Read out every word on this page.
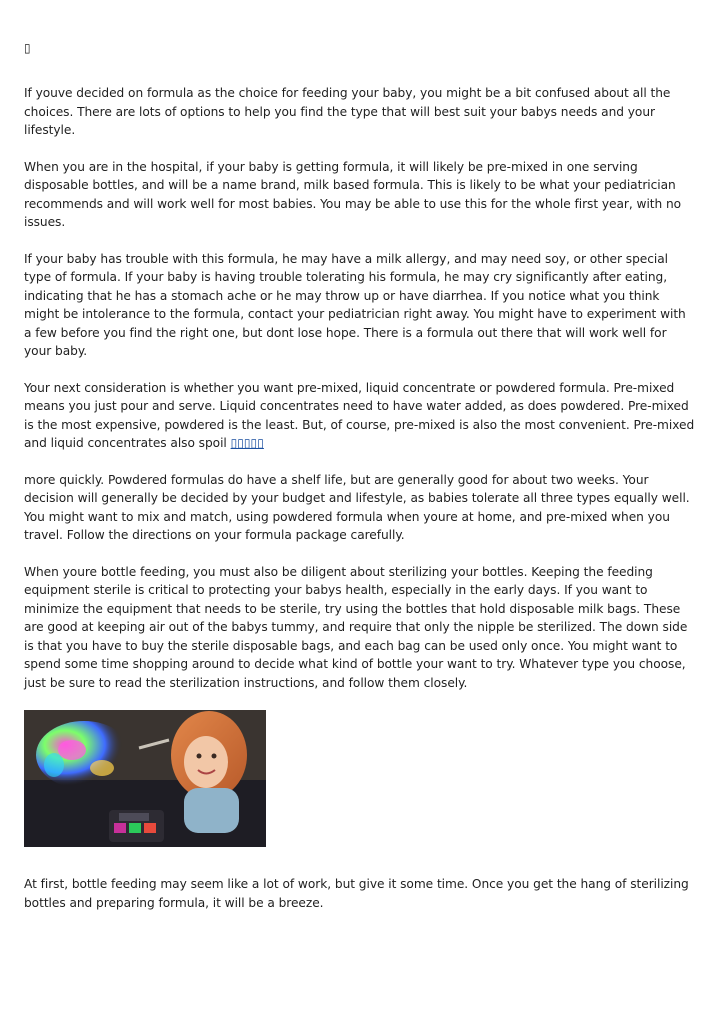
▯

If youve decided on formula as the choice for feeding your baby, you might be a bit confused about all the choices. There are lots of options to help you find the type that will best suit your babys needs and your lifestyle.

When you are in the hospital, if your baby is getting formula, it will likely be pre-mixed in one serving disposable bottles, and will be a name brand, milk based formula. This is likely to be what your pediatrician recommends and will work well for most babies. You may be able to use this for the whole first year, with no issues.

If your baby has trouble with this formula, he may have a milk allergy, and may need soy, or other special type of formula. If your baby is having trouble tolerating his formula, he may cry significantly after eating, indicating that he has a stomach ache or he may throw up or have diarrhea. If you notice what you think might be intolerance to the formula, contact your pediatrician right away. You might have to experiment with a few before you find the right one, but dont lose hope. There is a formula out there that will work well for your baby.

Your next consideration is whether you want pre-mixed, liquid concentrate or powdered formula. Pre-mixed means you just pour and serve. Liquid concentrates need to have water added, as does powdered. Pre-mixed is the most expensive, powdered is the least. But, of course, pre-mixed is also the most convenient. Pre-mixed and liquid concentrates also spoil ▯▯▯▯▯

more quickly. Powdered formulas do have a shelf life, but are generally good for about two weeks. Your decision will generally be decided by your budget and lifestyle, as babies tolerate all three types equally well. You might want to mix and match, using powdered formula when youre at home, and pre-mixed when you travel. Follow the directions on your formula package carefully.

When youre bottle feeding, you must also be diligent about sterilizing your bottles. Keeping the feeding equipment sterile is critical to protecting your babys health, especially in the early days. If you want to minimize the equipment that needs to be sterile, try using the bottles that hold disposable milk bags. These are good at keeping air out of the babys tummy, and require that only the nipple be sterilized. The down side is that you have to buy the sterile disposable bags, and each bag can be used only once. You might want to spend some time shopping around to decide what kind of bottle your want to try. Whatever type you choose, just be sure to read the sterilization instructions, and follow them closely.

At first, bottle feeding may seem like a lot of work, but give it some time. Once you get the hang of sterilizing bottles and preparing formula, it will be a breeze.
